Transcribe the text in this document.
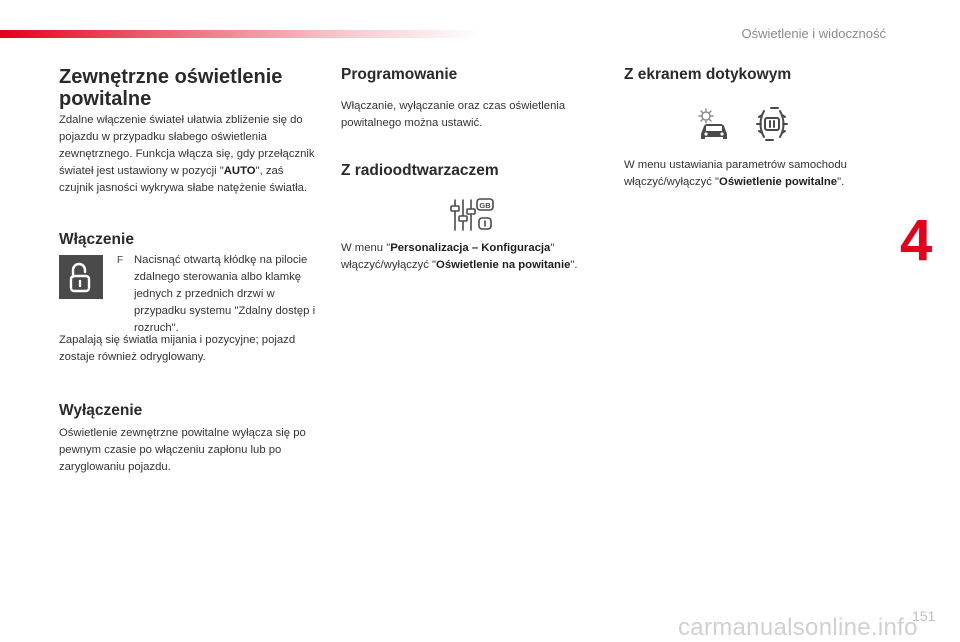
Oświetlenie i widoczność
4
Zewnętrzne oświetlenie powitalne

Zdalne włączenie świateł ułatwia zbliżenie się do pojazdu w przypadku słabego oświetlenia zewnętrznego. Funkcja włącza się, gdy przełącznik świateł jest ustawiony w pozycji "AUTO", zaś czujnik jasności wykrywa słabe natężenie światła.

Włączenie
F Nacisnąć otwartą kłódkę na pilocie zdalnego sterowania albo klamkę jednych z przednich drzwi w przypadku systemu "Zdalny dostęp i rozruch".

Zapalają się światła mijania i pozycyjne; pojazd zostaje również odryglowany.

Wyłączenie

Oświetlenie zewnętrzne powitalne wyłącza się po pewnym czasie po włączeniu zapłonu lub po zaryglowaniu pojazdu.

Programowanie

Włączanie, wyłączanie oraz czas oświetlenia powitalnego można ustawić.

Z radioodtwarzaczem
GB

W menu "Personalizacja – Konfiguracja" włączyć/wyłączyć "Oświetlenie na powitanie".

Z ekranem dotykowym

W menu ustawiania parametrów samochodu włączyć/wyłączyć "Oświetlenie powitalne".

151
carmanualsonline.info
